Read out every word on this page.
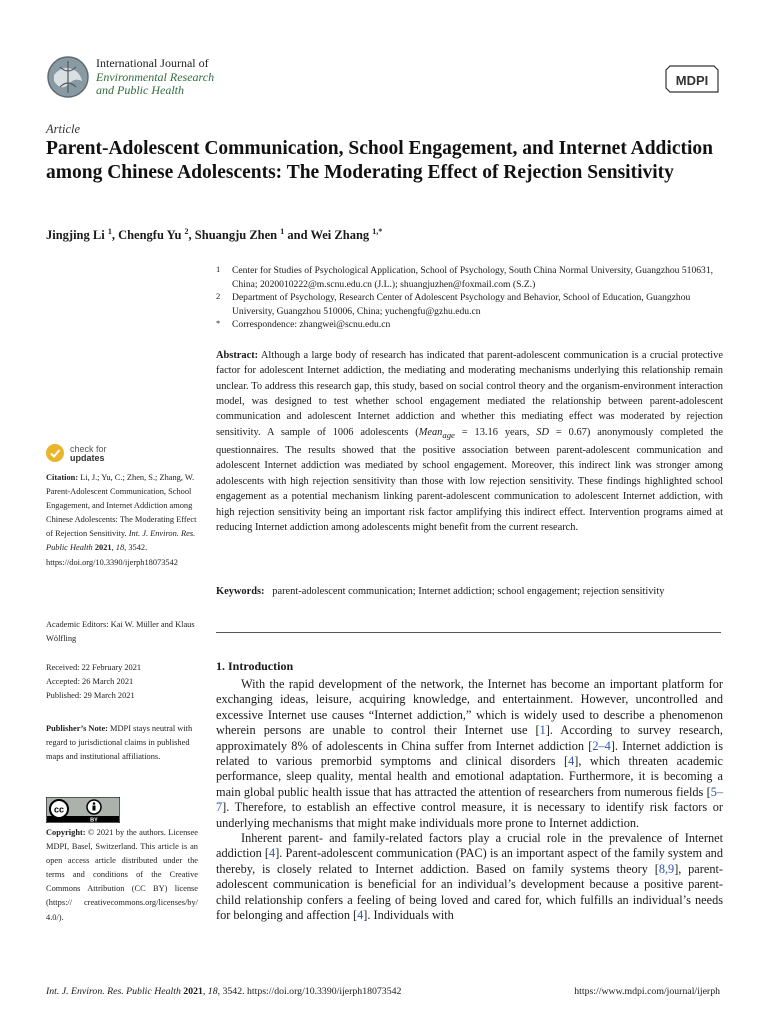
International Journal of
Environmental Research
and Public Health
MDPI
Article
Parent-Adolescent Communication, School Engagement, and Internet Addiction among Chinese Adolescents: The Moderating Effect of Rejection Sensitivity
Jingjing Li $^1$, Chengfu Yu $^2$, Shuangju Zhen $^1$ and Wei Zhang $^{1,*}$
1 Center for Studies of Psychological Application, School of Psychology, South China Normal University, Guangzhou 510631, China; 2020010222@m.scnu.edu.cn (J.L.); shuangjuzhen@foxmail.com (S.Z.)
2 Department of Psychology, Research Center of Adolescent Psychology and Behavior, School of Education, Guangzhou University, Guangzhou 510006, China; yuchengfu@gzhu.edu.cn
* Correspondence: zhangwei@scnu.edu.cn
Abstract: Although a large body of research has indicated that parent-adolescent communication is a crucial protective factor for adolescent Internet addiction, the mediating and moderating mechanisms underlying this relationship remain unclear. To address this research gap, this study, based on social control theory and the organism-environment interaction model, was designed to test whether school engagement mediated the relationship between parent-adolescent communication and adolescent Internet addiction and whether this mediating effect was moderated by rejection sensitivity. A sample of 1006 adolescents (Mean$_{age}$ = 13.16 years, SD = 0.67) anonymously completed the questionnaires. The results showed that the positive association between parent-adolescent communication and adolescent Internet addiction was mediated by school engagement. Moreover, this indirect link was stronger among adolescents with high rejection sensitivity than those with low rejection sensitivity. These findings highlighted school engagement as a potential mechanism linking parent-adolescent communication to adolescent Internet addiction, with high rejection sensitivity being an important risk factor amplifying this indirect effect. Intervention programs aimed at reducing Internet addiction among adolescents might benefit from the current research.
Keywords: parent-adolescent communication; Internet addiction; school engagement; rejection sensitivity
check for
updates
Citation: Li, J.; Yu, C.; Zhen, S.; Zhang, W. Parent-Adolescent Communication, School Engagement, and Internet Addiction among Chinese Adolescents: The Moderating Effect of Rejection Sensitivity. Int. J. Environ. Res. Public Health 2021, 18, 3542. https://doi.org/10.3390/ijerph18073542
Academic Editors: Kai W. Müller and Klaus Wölfling
Received: 22 February 2021
Accepted: 26 March 2021
Published: 29 March 2021
Publisher’s Note: MDPI stays neutral with regard to jurisdictional claims in published maps and institutional affiliations.
cc
BY
Copyright: © 2021 by the authors. Licensee MDPI, Basel, Switzerland. This article is an open access article distributed under the terms and conditions of the Creative Commons Attribution (CC BY) license (https:// creativecommons.org/licenses/by/ 4.0/).
1. Introduction

With the rapid development of the network, the Internet has become an important platform for exchanging ideas, leisure, acquiring knowledge, and entertainment. However, uncontrolled and excessive Internet use causes “Internet addiction,” which is widely used to describe a phenomenon wherein persons are unable to control their Internet use [1]. According to survey research, approximately 8% of adolescents in China suffer from Internet addiction [2–4]. Internet addiction is related to various premorbid symptoms and clinical disorders [4], which threaten academic performance, sleep quality, mental health and emotional adaptation. Furthermore, it is becoming a main global public health issue that has attracted the attention of researchers from numerous fields [5–7]. Therefore, to establish an effective control measure, it is necessary to identify risk factors or underlying mechanisms that might make individuals more prone to Internet addiction.

Inherent parent- and family-related factors play a crucial role in the prevalence of Internet addiction [4]. Parent-adolescent communication (PAC) is an important aspect of the family system and thereby, is closely related to Internet addiction. Based on family systems theory [8,9], parent-adolescent communication is beneficial for an individual’s development because a positive parent-child relationship confers a feeling of being loved and cared for, which fulfills an individual’s needs for belonging and affection [4]. Individuals with

Int. J. Environ. Res. Public Health 2021, 18, 3542. https://doi.org/10.3390/ijerph18073542	https://www.mdpi.com/journal/ijerph
